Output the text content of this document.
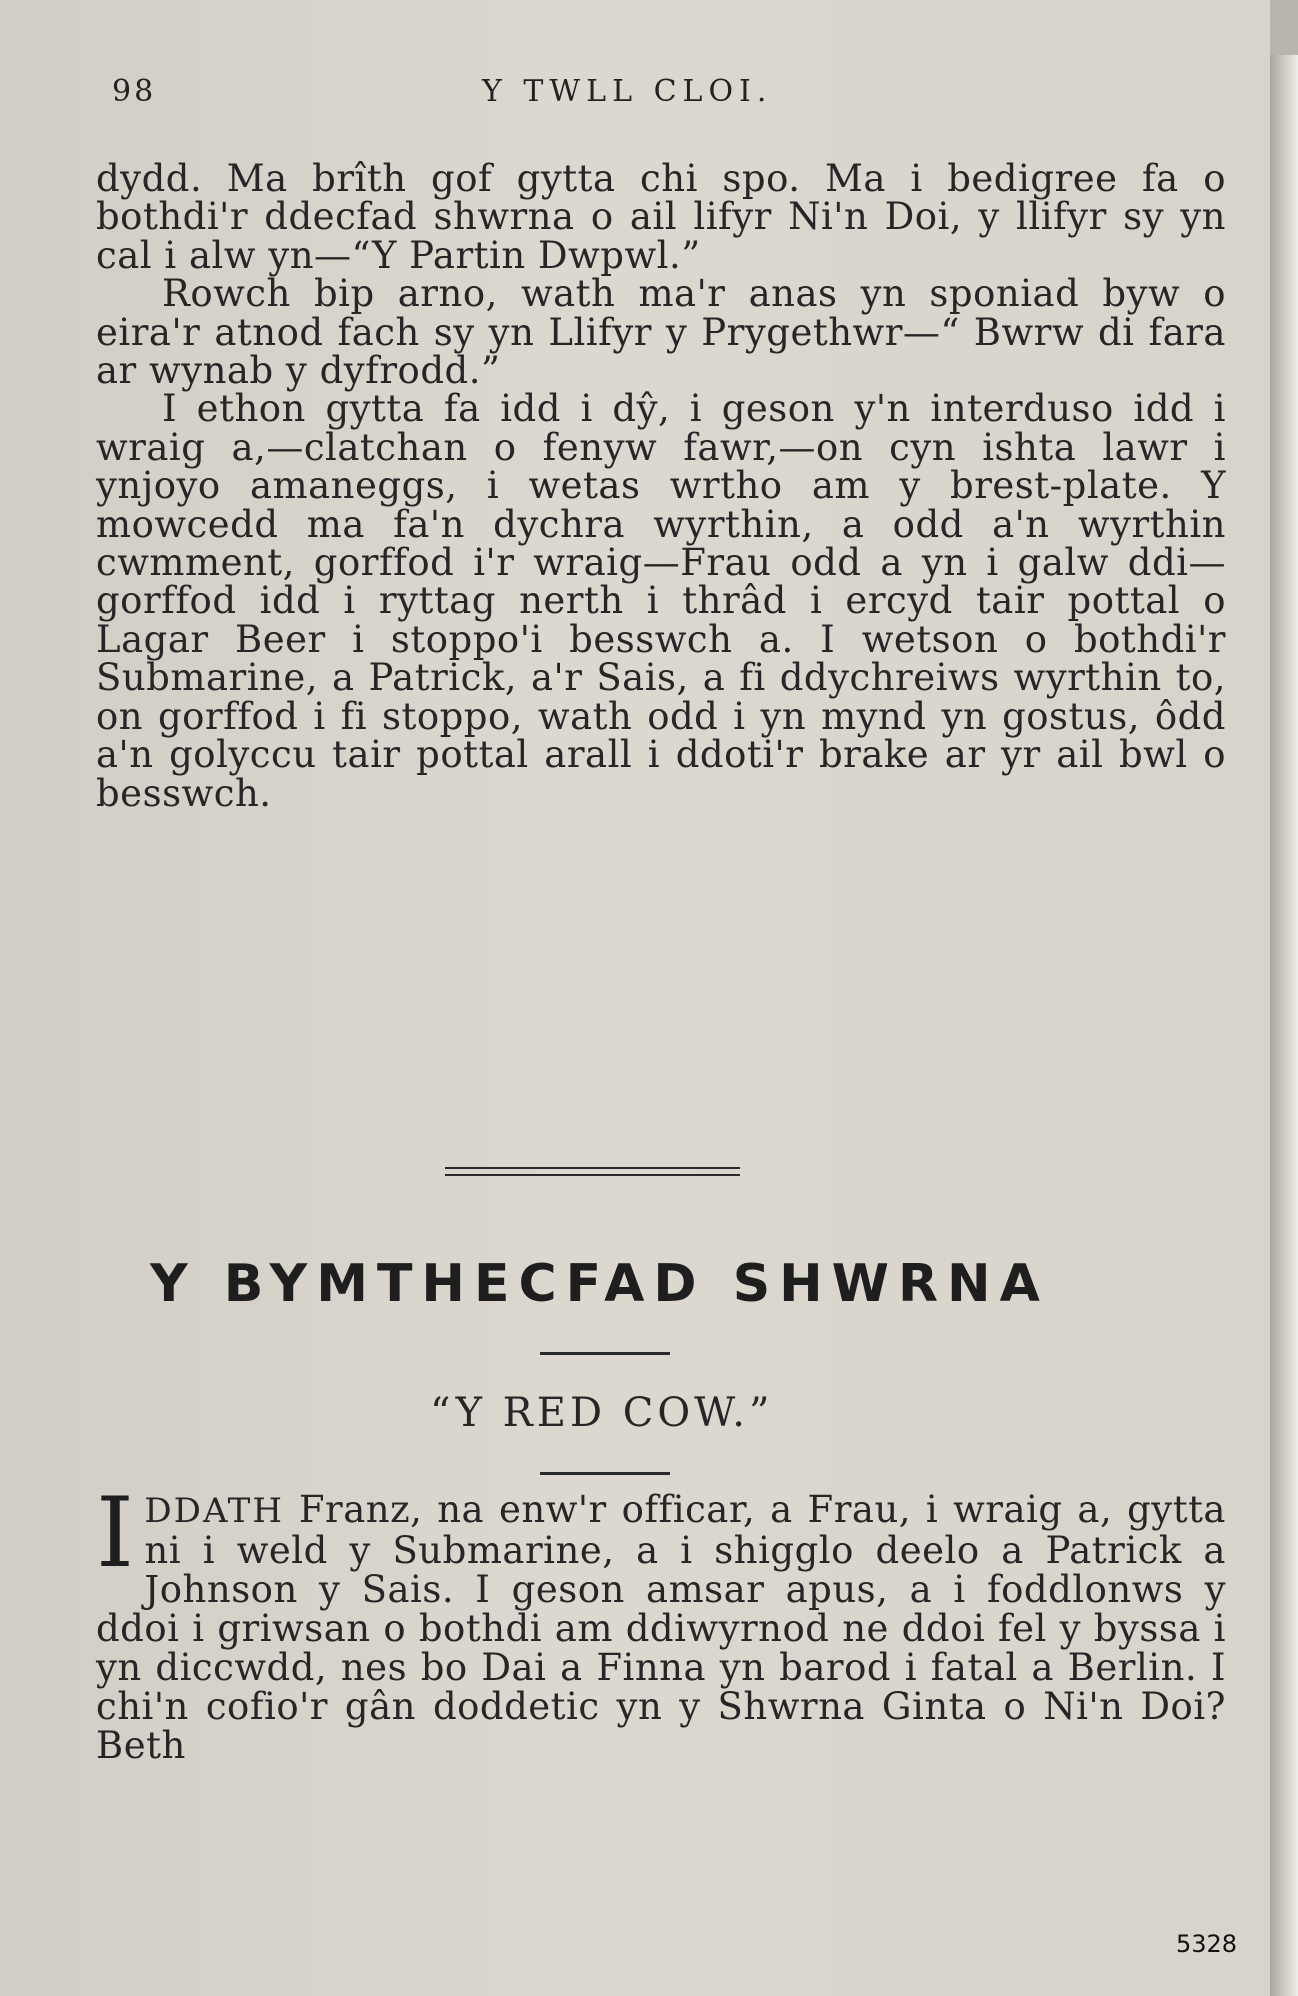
98	Y TWLL CLOI.

dydd. Ma brîth gof gytta chi spo. Ma i bedigree fa o bothdi'r ddecfad shwrna o ail lifyr Ni'n Doi, y llifyr sy yn cal i alw yn—“Y Partin Dwpwl.”

Rowch bip arno, wath ma'r anas yn sponiad byw o eira'r atnod fach sy yn Llifyr y Prygethwr—“ Bwrw di fara ar wynab y dyfrodd.”

I ethon gytta fa idd i dŷ, i geson y'n interduso idd i wraig a,—clatchan o fenyw fawr,—on cyn ishta lawr i ynjoyo amaneggs, i wetas wrtho am y brest-plate. Y mowcedd ma fa'n dychra wyrthin, a odd a'n wyrthin cwmment, gorffod i'r wraig—Frau odd a yn i galw ddi—gorffod idd i ryttag nerth i thrâd i ercyd tair pottal o Lagar Beer i stoppo'i besswch a. I wetson o bothdi'r Submarine, a Patrick, a'r Sais, a fi ddychreiws wyrthin to, on gorffod i fi stoppo, wath odd i yn mynd yn gostus, ôdd a'n golyccu tair pottal arall i ddoti'r brake ar yr ail bwl o besswch.

Y BYMTHECFAD SHWRNA
“Y RED COW.”

IDDATH Franz, na enw'r officar, a Frau, i wraig a, gytta ni i weld y Submarine, a i shigglo deelo a Patrick a Johnson y Sais. I geson amsar apus, a i foddlonws y ddoi i griwsan o bothdi am ddiwyrnod ne ddoi fel y byssa i yn diccwdd, nes bo Dai a Finna yn barod i fatal a Berlin. I chi'n cofio'r gân doddetic yn y Shwrna Ginta o Ni'n Doi? Beth

5328
